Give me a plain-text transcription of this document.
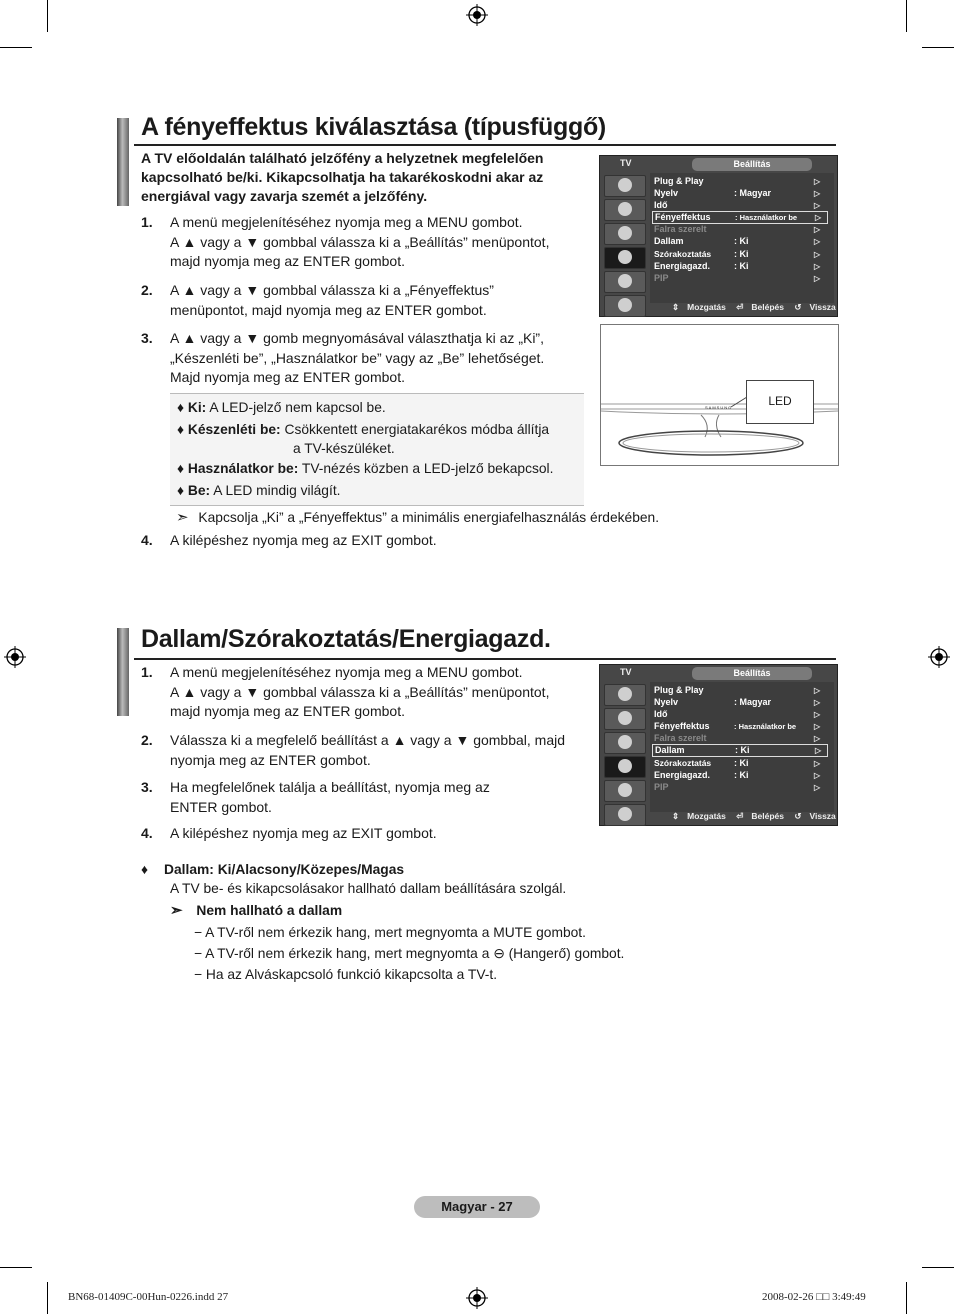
A fényeffektus kiválasztása (típusfüggő)
A TV előoldalán található jelzőfény a helyzetnek megfelelően kapcsolható be/ki. Kikapcsolhatja ha takarékoskodni akar az energiával vagy zavarja szemét a jelzőfény.
1. A menü megjelenítéséhez nyomja meg a MENU gombot.
A ▲ vagy a ▼ gombbal válassza ki a „Beállítás” menüpontot,
majd nyomja meg az ENTER gombot.
2. A ▲ vagy a ▼ gombbal válassza ki a „Fényeffektus”
menüpontot, majd nyomja meg az ENTER gombot.
3. A ▲ vagy a ▼ gomb megnyomásával választhatja ki az „Ki”,
„Készenléti be”, „Használatkor be” vagy az „Be” lehetőséget.
Majd nyomja meg az ENTER gombot.
♦ Ki: A LED-jelző nem kapcsol be.
♦ Készenléti be: Csökkentett energiatakarékos módba állítja
a TV-készüléket.
♦ Használatkor be: TV-nézés közben a LED-jelző bekapcsol.
♦ Be: A LED mindig világít.
➣ Kapcsolja „Ki” a „Fényeffektus” a minimális energiafelhasználás érdekében.
4. A kilépéshez nyomja meg az EXIT gombot.
TV	Beállítás
Plug & Play	▷
Nyelv	: Magyar	▷
Idő	▷
Fényeffektus	: Használatkor be ▷
Falra szerelt	▷
Dallam	: Ki	▷
Szórakoztatás	: Ki	▷
Energiagazd.	: Ki	▷
PIP	▷
⇕ Mozgatás ⏎ Belépés ↺ Vissza
SAMSUNG	LED
Dallam/Szórakoztatás/Energiagazd.
1. A menü megjelenítéséhez nyomja meg a MENU gombot.
A ▲ vagy a ▼ gombbal válassza ki a „Beállítás” menüpontot,
majd nyomja meg az ENTER gombot.
2. Válassza ki a megfelelő beállítást a ▲ vagy a ▼ gombbal, majd
nyomja meg az ENTER gombot.
3. Ha megfelelőnek találja a beállítást, nyomja meg az
ENTER gombot.
4. A kilépéshez nyomja meg az EXIT gombot.
TV	Beállítás
Plug & Play	▷
Nyelv	: Magyar	▷
Idő	▷
Fényeffektus	: Használatkor be ▷
Falra szerelt	▷
Dallam	: Ki	▷
Szórakoztatás	: Ki	▷
Energiagazd.	: Ki	▷
PIP	▷
⇕ Mozgatás ⏎ Belépés ↺ Vissza
♦ Dallam: Ki/Alacsony/Közepes/Magas
A TV be- és kikapcsolásakor hallható dallam beállítására szolgál.
➣ Nem hallható a dallam
− A TV-ről nem érkezik hang, mert megnyomta a MUTE gombot.
− A TV-ről nem érkezik hang, mert megnyomta a ⊖ (Hangerő) gombot.
− Ha az Alváskapcsoló funkció kikapcsolta a TV-t.
Magyar - 27
BN68-01409C-00Hun-0226.indd 27	2008-02-26 □□ 3:49:49
